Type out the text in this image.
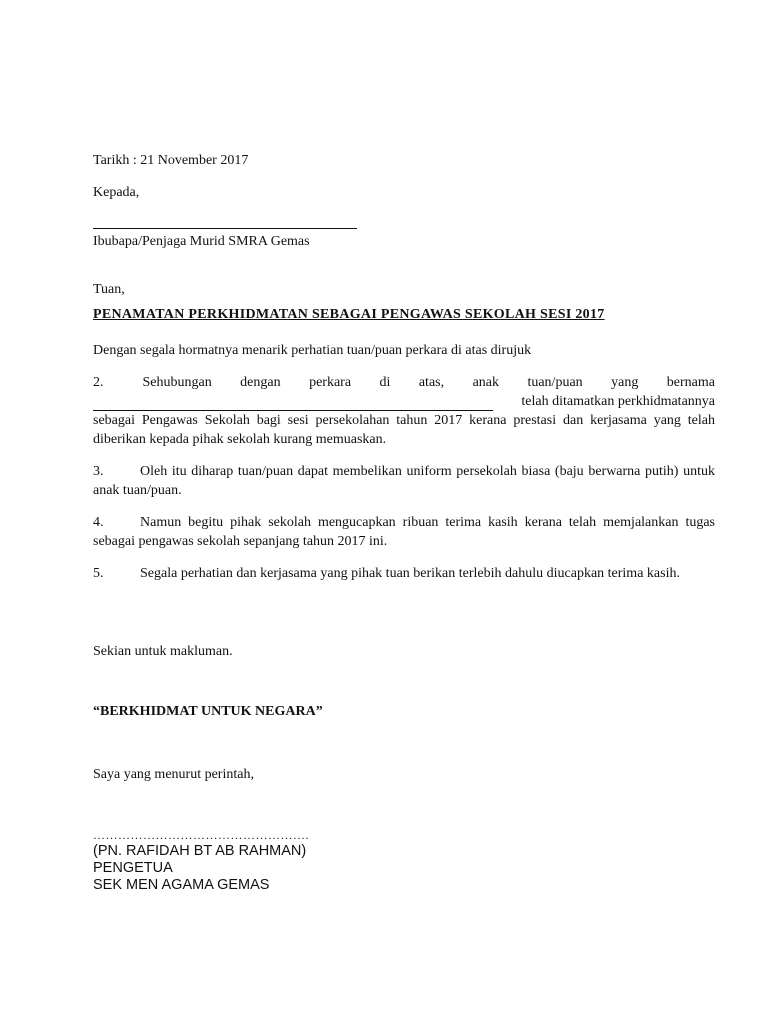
Tarikh : 21 November 2017

Kepada,

Ibubapa/Penjaga Murid SMRA Gemas

Tuan,

PENAMATAN PERKHIDMATAN SEBAGAI PENGAWAS SEKOLAH SESI 2017

Dengan segala hormatnya menarik perhatian tuan/puan perkara di atas dirujuk

2.	Sehubungan dengan perkara di atas, anak tuan/puan yang bernama
telah ditamatkan perkhidmatannya
sebagai Pengawas Sekolah bagi sesi persekolahan tahun 2017 kerana prestasi dan kerjasama yang telah diberikan kepada pihak sekolah kurang memuaskan.
3.	Oleh itu diharap tuan/puan dapat membelikan uniform persekolah biasa (baju berwarna putih) untuk anak tuan/puan.
4.	Namun begitu pihak sekolah mengucapkan ribuan terima kasih kerana telah memjalankan tugas sebagai pengawas sekolah sepanjang tahun 2017 ini.
5.	Segala perhatian dan kerjasama yang pihak tuan berikan terlebih dahulu diucapkan terima kasih.

Sekian untuk makluman.

“BERKHIDMAT UNTUK NEGARA”

Saya yang menurut perintah,

…………………………………………….

(PN. RAFIDAH BT AB RAHMAN)

PENGETUA

SEK MEN AGAMA GEMAS
